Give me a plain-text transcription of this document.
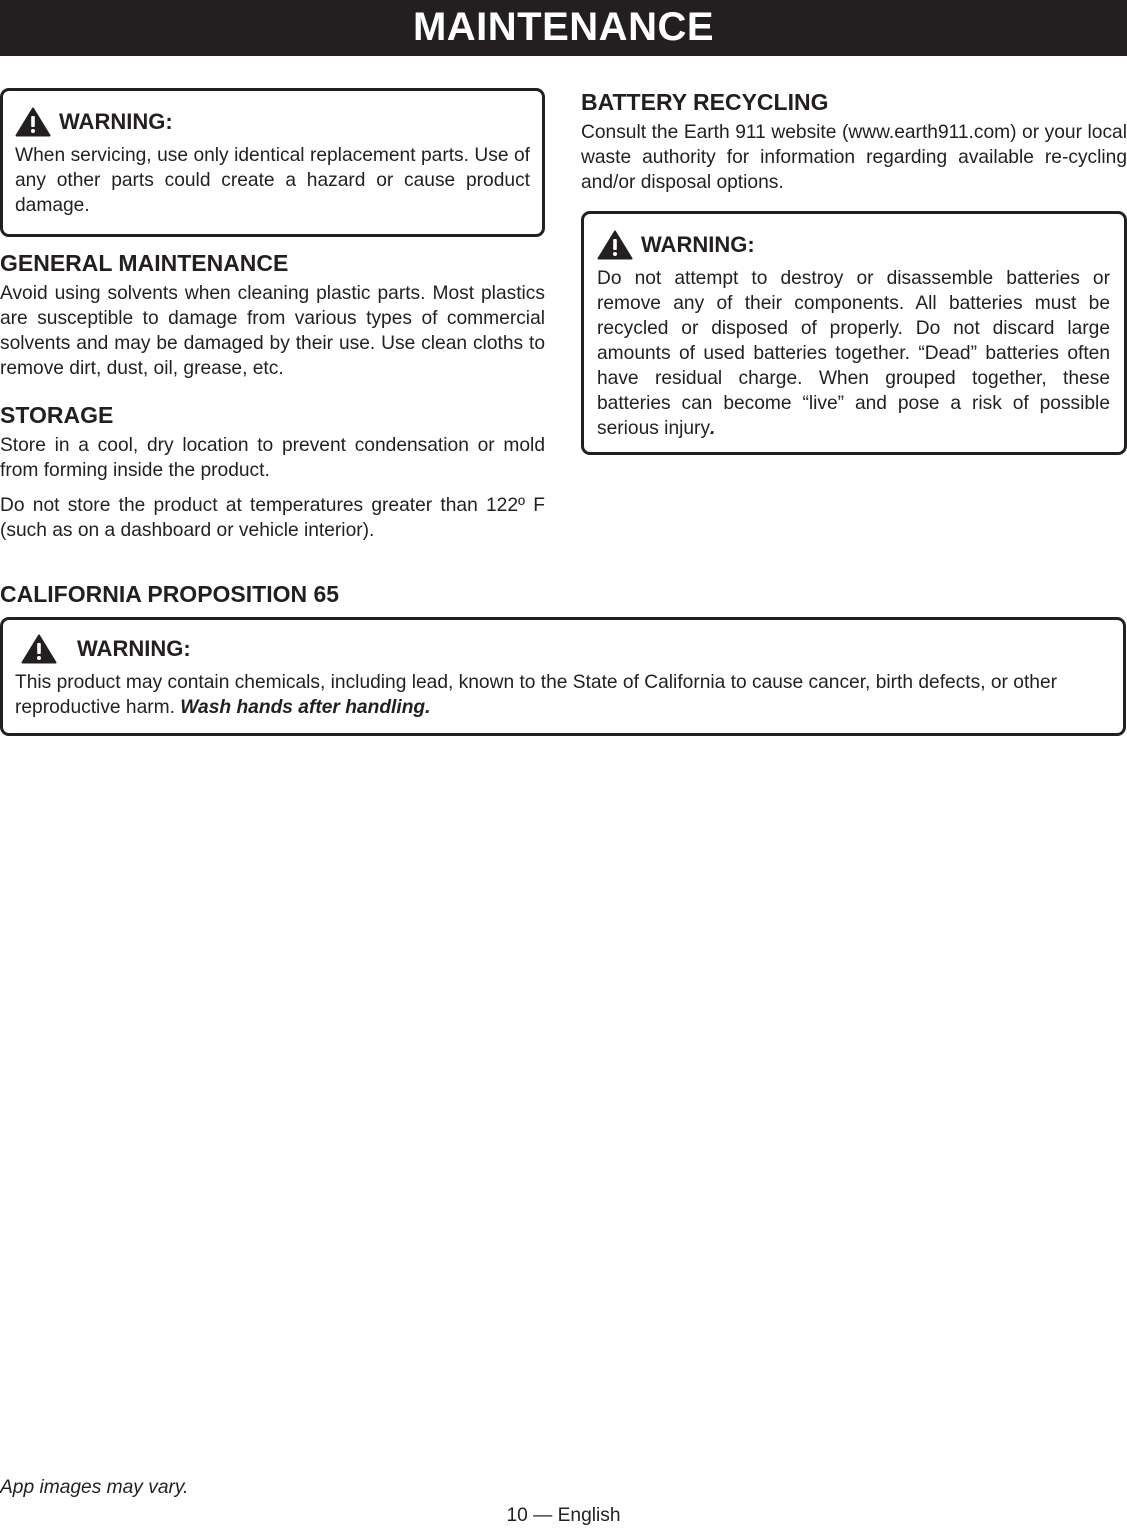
MAINTENANCE
WARNING:
When servicing, use only identical replacement parts. Use of any other parts could create a hazard or cause product damage.
GENERAL MAINTENANCE

Avoid using solvents when cleaning plastic parts. Most plastics are susceptible to damage from various types of commercial solvents and may be damaged by their use. Use clean cloths to remove dirt, dust, oil, grease, etc.

STORAGE

Store in a cool, dry location to prevent condensation or mold from forming inside the product.

Do not store the product at temperatures greater than 122º F (such as on a dashboard or vehicle interior).

BATTERY RECYCLING

Consult the Earth 911 website (www.earth911.com) or your local waste authority for information regarding available re-cycling and/or disposal options.

WARNING:
Do not attempt to destroy or disassemble batteries or remove any of their components. All batteries must be recycled or disposed of properly. Do not discard large amounts of used batteries together. “Dead” batteries often have residual charge. When grouped together, these batteries can become “live” and pose a risk of possible serious injury.
CALIFORNIA PROPOSITION 65
WARNING:
This product may contain chemicals, including lead, known to the State of California to cause cancer, birth defects, or other reproductive harm. Wash hands after handling.
App images may vary.
10 — English
